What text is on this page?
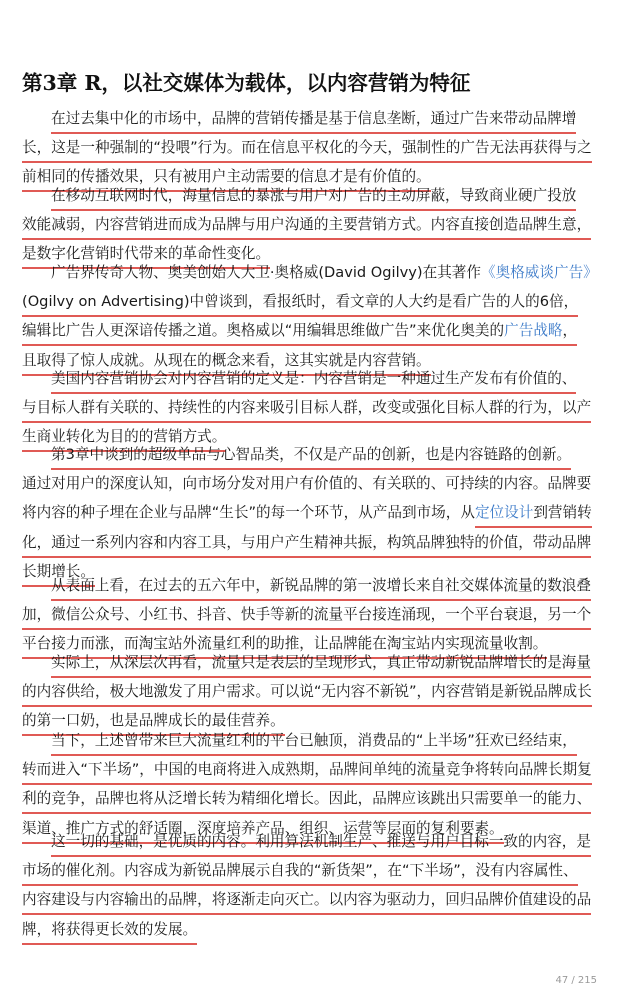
第3章 R，以社交媒体为载体，以内容营销为特征
在过去集中化的市场中，品牌的营销传播是基于信息垄断，通过广告来带动品牌增
长，这是一种强制的“投喂”行为。而在信息平权化的今天，强制性的广告无法再获得与之
前相同的传播效果，只有被用户主动需要的信息才是有价值的。
在移动互联网时代，海量信息的暴涨与用户对广告的主动屏蔽，导致商业硬广投放
效能减弱，内容营销进而成为品牌与用户沟通的主要营销方式。内容直接创造品牌生意，
是数字化营销时代带来的革命性变化。
广告界传奇人物、奥美创始人大卫·奥格威(David Ogilvy)在其著作《奥格威谈广告》
(Ogilvy on Advertising)中曾谈到，看报纸时，看文章的人大约是看广告的人的6倍，
编辑比广告人更深谙传播之道。奥格威以“用编辑思维做广告”来优化奥美的广告战略，
且取得了惊人成就。从现在的概念来看，这其实就是内容营销。
美国内容营销协会对内容营销的定义是：内容营销是一种通过生产发布有价值的、
与目标人群有关联的、持续性的内容来吸引目标人群，改变或强化目标人群的行为，以产
生商业转化为目的的营销方式。
第3章中谈到的超级单品与心智品类，不仅是产品的创新，也是内容链路的创新。
通过对用户的深度认知，向市场分发对用户有价值的、有关联的、可持续的内容。品牌要
将内容的种子埋在企业与品牌“生长”的每一个环节，从产品到市场，从定位设计到营销转
化，通过一系列内容和内容工具，与用户产生精神共振，构筑品牌独特的价值，带动品牌
长期增长。
从表面上看，在过去的五六年中，新锐品牌的第一波增长来自社交媒体流量的数浪叠
加，微信公众号、小红书、抖音、快手等新的流量平台接连涌现，一个平台衰退，另一个
平台接力而涨，而淘宝站外流量红利的助推，让品牌能在淘宝站内实现流量收割。
实际上，从深层次再看，流量只是表层的呈现形式，真正带动新锐品牌增长的是海量
的内容供给，极大地激发了用户需求。可以说“无内容不新锐”，内容营销是新锐品牌成长
的第一口奶，也是品牌成长的最佳营养。
当下，上述曾带来巨大流量红利的平台已触顶，消费品的“上半场”狂欢已经结束，
转而进入“下半场”，中国的电商将进入成熟期，品牌间单纯的流量竞争将转向品牌长期复
利的竞争，品牌也将从泛增长转为精细化增长。因此，品牌应该跳出只需要单一的能力、
渠道、推广方式的舒适圈，深度培养产品、组织、运营等层面的复利要素。
这一切的基础，是优质的内容。利用算法机制生产、推送与用户目标一致的内容，是
市场的催化剂。内容成为新锐品牌展示自我的“新货架”，在“下半场”，没有内容属性、
内容建设与内容输出的品牌，将逐渐走向灭亡。以内容为驱动力，回归品牌价值建设的品
牌，将获得更长效的发展。
47 / 215
